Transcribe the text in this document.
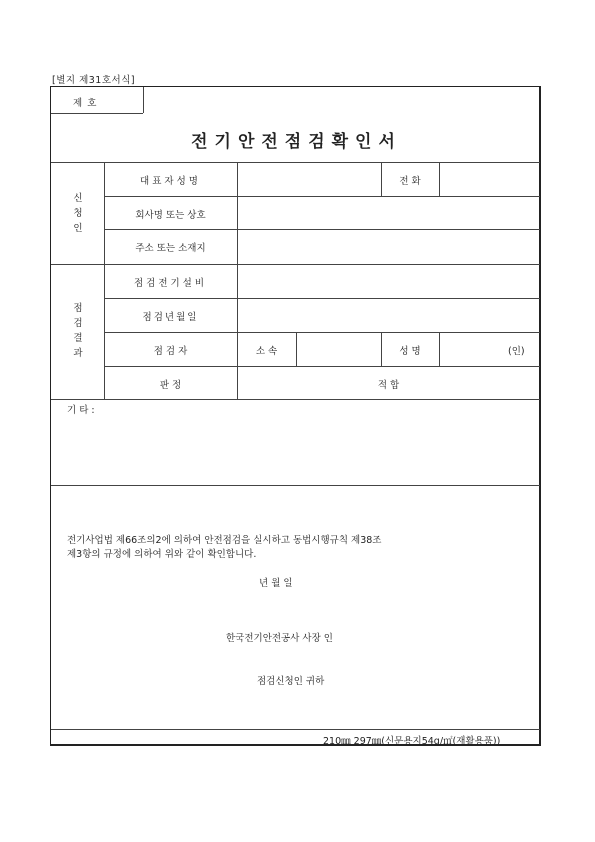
[별지 제31호서식]
제 호
전기안전점검확인서
신청인
대표자성명	전 화
회사명 또는 상호
주소 또는 소재지
점검결과
점검전기설비
점검년월일
점 검 자	소 속	성 명	(인)
판 정	적 합
기 타 :
전기사업법 제66조의2에 의하여 안전점검을 실시하고 동법시행규칙 제38조
제3항의 규정에 의하여 위와 같이 확인합니다.
년 월 일
한국전기안전공사 사장 인
점검신청인 귀하
210㎜ 297㎜(신문용지54g/㎡(재활용품))
